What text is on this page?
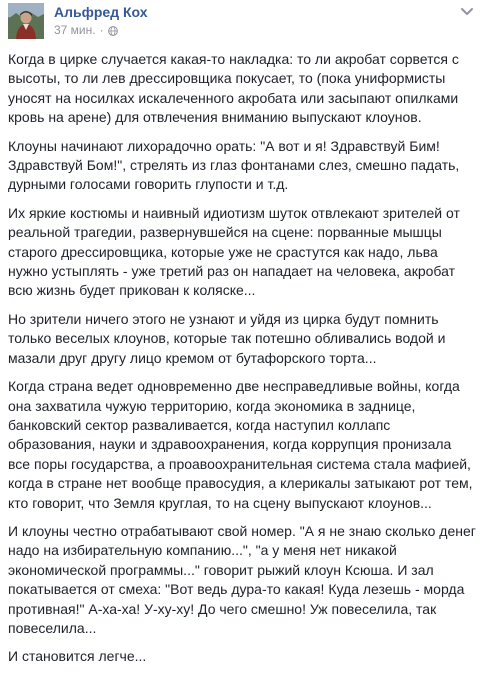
Альфред Кох
37 мин. ·

Когда в цирке случается какая-то накладка: то ли акробат сорвется с высоты, то ли лев дрессировщика покусает, то (пока униформисты уносят на носилках искалеченного акробата или засыпают опилками кровь на арене) для отвлечения вниманию выпускают клоунов.

Клоуны начинают лихорадочно орать: "А вот и я! Здравствуй Бим! Здравствуй Бом!", стрелять из глаз фонтанами слез, смешно падать, дурными голосами говорить глупости и т.д.

Их яркие костюмы и наивный идиотизм шуток отвлекают зрителей от реальной трагедии, развернувшейся на сцене: порванные мышцы старого дрессировщика, которые уже не срастутся как надо, льва нужно устыплять - уже третий раз он нападает на человека, акробат всю жизнь будет прикован к коляске...

Но зрители ничего этого не узнают и уйдя из цирка будут помнить только веселых клоунов, которые так потешно обливались водой и мазали друг другу лицо кремом от бутафорского торта...

Когда страна ведет одновременно две несправедливые войны, когда она захватила чужую территорию, когда экономика в заднице, банковский сектор разваливается, когда наступил коллапс образования, науки и здравоохранения, когда коррупция пронизала все поры государства, а проавоохранительная система стала мафией, когда в стране нет вообще правосудия, а клерикалы затыкают рот тем, кто говорит, что Земля круглая, то на сцену выпускают клоунов...

И клоуны честно отрабатывают свой номер. "А я не знаю сколько денег надо на избирательную компанию...", "а у меня нет никакой экономической программы..." говорит рыжий клоун Ксюша. И зал покатывается от смеха: "Вот ведь дура-то какая! Куда лезешь - морда противная!" А-ха-ха! У-ху-ху! До чего смешно! Уж повеселила, так повеселила...

И становится легче...
